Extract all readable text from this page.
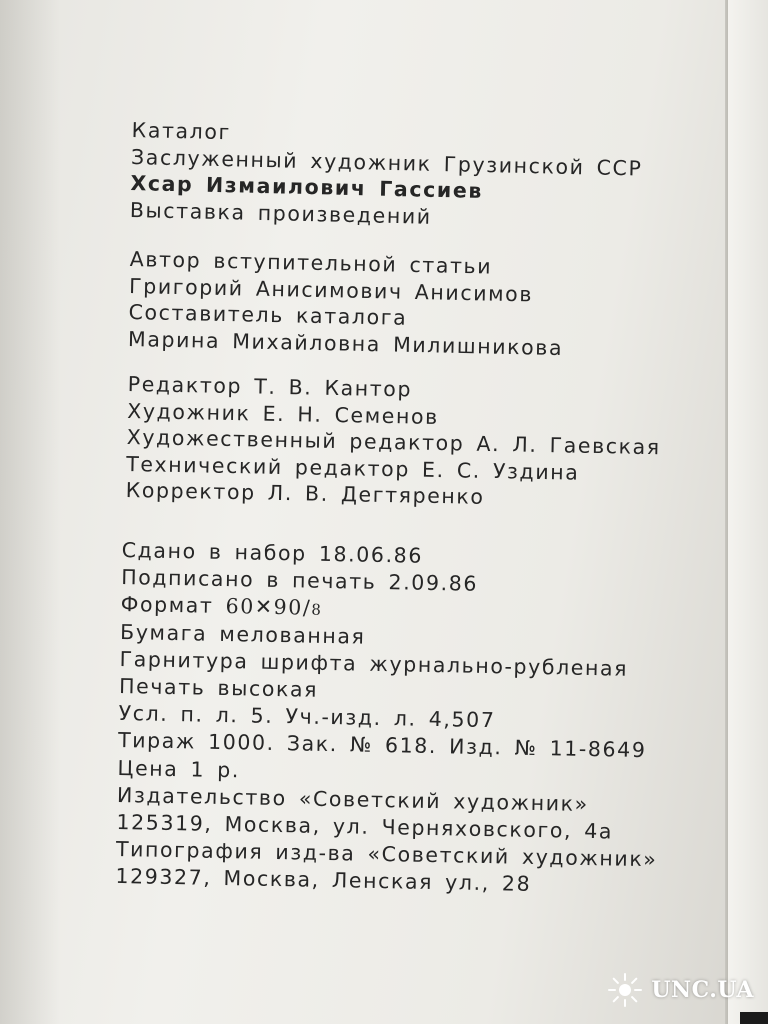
Каталог
Заслуженный художник Грузинской ССР
Хсар Измаилович Гассиев
Выставка произведений
Автор вступительной статьи
Григорий Анисимович Анисимов
Составитель каталога
Марина Михайловна Милишникова
Редактор Т. В. Кантор
Художник Е. Н. Семенов
Художественный редактор А. Л. Гаевская
Технический редактор Е. С. Уздина
Корректор Л. В. Дегтяренко
Сдано в набор 18.06.86
Подписано в печать 2.09.86
Формат 60✕90/8
Бумага мелованная
Гарнитура шрифта журнально-рубленая
Печать высокая
Усл. п. л. 5. Уч.-изд. л. 4,507
Тираж 1000. Зак. № 618. Изд. № 11-8649
Цена 1 р.
Издательство «Советский художник»
125319, Москва, ул. Черняховского, 4а
Типография изд-ва «Советский художник»
129327, Москва, Ленская ул., 28
UNC.UA
